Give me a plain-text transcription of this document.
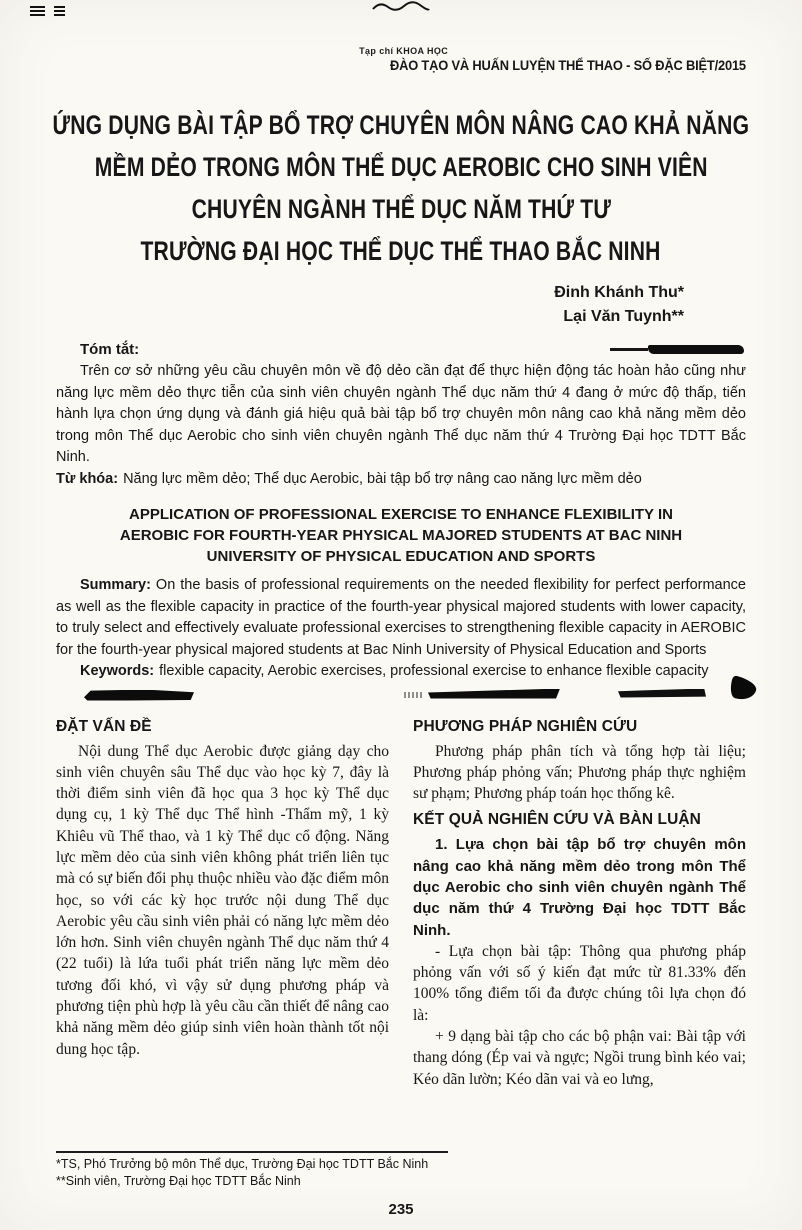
Tạp chí KHOA HỌC
ĐÀO TẠO VÀ HUẤN LUYỆN THỂ THAO - SỐ ĐẶC BIỆT/2015
ỨNG DỤNG BÀI TẬP BỔ TRỢ CHUYÊN MÔN NÂNG CAO KHẢ NĂNG
MỀM DẺO TRONG MÔN THỂ DỤC AEROBIC CHO SINH VIÊN
CHUYÊN NGÀNH THỂ DỤC NĂM THỨ TƯ
TRƯỜNG ĐẠI HỌC THỂ DỤC THỂ THAO BẮC NINH
Đinh Khánh Thu*
Lại Văn Tuynh**
Tóm tắt:

Trên cơ sở những yêu cầu chuyên môn về độ dẻo cần đạt để thực hiện động tác hoàn hảo cũng như năng lực mềm dẻo thực tiễn của sinh viên chuyên ngành Thể dục năm thứ 4 đang ở mức độ thấp, tiến hành lựa chọn ứng dụng và đánh giá hiệu quả bài tập bổ trợ chuyên môn nâng cao khả năng mềm dẻo trong môn Thể dục Aerobic cho sinh viên chuyên ngành Thể dục năm thứ 4 Trường Đại học TDTT Bắc Ninh.

Từ khóa: Năng lực mềm dẻo; Thể dục Aerobic, bài tập bổ trợ nâng cao năng lực mềm dẻo

APPLICATION OF PROFESSIONAL EXERCISE TO ENHANCE FLEXIBILITY IN
AEROBIC FOR FOURTH-YEAR PHYSICAL MAJORED STUDENTS AT BAC NINH
UNIVERSITY OF PHYSICAL EDUCATION AND SPORTS

Summary: On the basis of professional requirements on the needed flexibility for perfect performance as well as the flexible capacity in practice of the fourth-year physical majored students with lower capacity, to truly select and effectively evaluate professional exercises to strengthening flexible capacity in AEROBIC for the fourth-year physical majored students at Bac Ninh University of Physical Education and Sports

Keywords: flexible capacity, Aerobic exercises, professional exercise to enhance flexible capacity

ĐẶT VẤN ĐỀ

Nội dung Thể dục Aerobic được giảng dạy cho sinh viên chuyên sâu Thể dục vào học kỳ 7, đây là thời điểm sinh viên đã học qua 3 học kỳ Thể dục dụng cụ, 1 kỳ Thể dục Thể hình -Thẩm mỹ, 1 kỳ Khiêu vũ Thể thao, và 1 kỳ Thể dục cổ động. Năng lực mềm dẻo của sinh viên không phát triển liên tục mà có sự biến đổi phụ thuộc nhiều vào đặc điểm môn học, so với các kỳ học trước nội dung Thể dục Aerobic yêu cầu sinh viên phải có năng lực mềm dẻo lớn hơn. Sinh viên chuyên ngành Thể dục năm thứ 4 (22 tuổi) là lứa tuổi phát triển năng lực mềm dẻo tương đối khó, vì vậy sử dụng phương pháp và phương tiện phù hợp là yêu cầu cần thiết để nâng cao khả năng mềm dẻo giúp sinh viên hoàn thành tốt nội dung học tập.

PHƯƠNG PHÁP NGHIÊN CỨU

Phương pháp phân tích và tổng hợp tài liệu; Phương pháp phỏng vấn; Phương pháp thực nghiệm sư phạm; Phương pháp toán học thống kê.

KẾT QUẢ NGHIÊN CỨU VÀ BÀN LUẬN

1. Lựa chọn bài tập bổ trợ chuyên môn nâng cao khả năng mềm dẻo trong môn Thể dục Aerobic cho sinh viên chuyên ngành Thể dục năm thứ 4 Trường Đại học TDTT Bắc Ninh.

- Lựa chọn bài tập: Thông qua phương pháp phỏng vấn với số ý kiến đạt mức từ 81.33% đến 100% tổng điểm tối đa được chúng tôi lựa chọn đó là:

+ 9 dạng bài tập cho các bộ phận vai: Bài tập với thang dóng (Ép vai và ngực; Ngồi trung bình kéo vai; Kéo dãn lườn; Kéo dãn vai và eo lưng,

*TS, Phó Trưởng bộ môn Thể dục, Trường Đại học TDTT Bắc Ninh
**Sinh viên, Trường Đại học TDTT Bắc Ninh
235
